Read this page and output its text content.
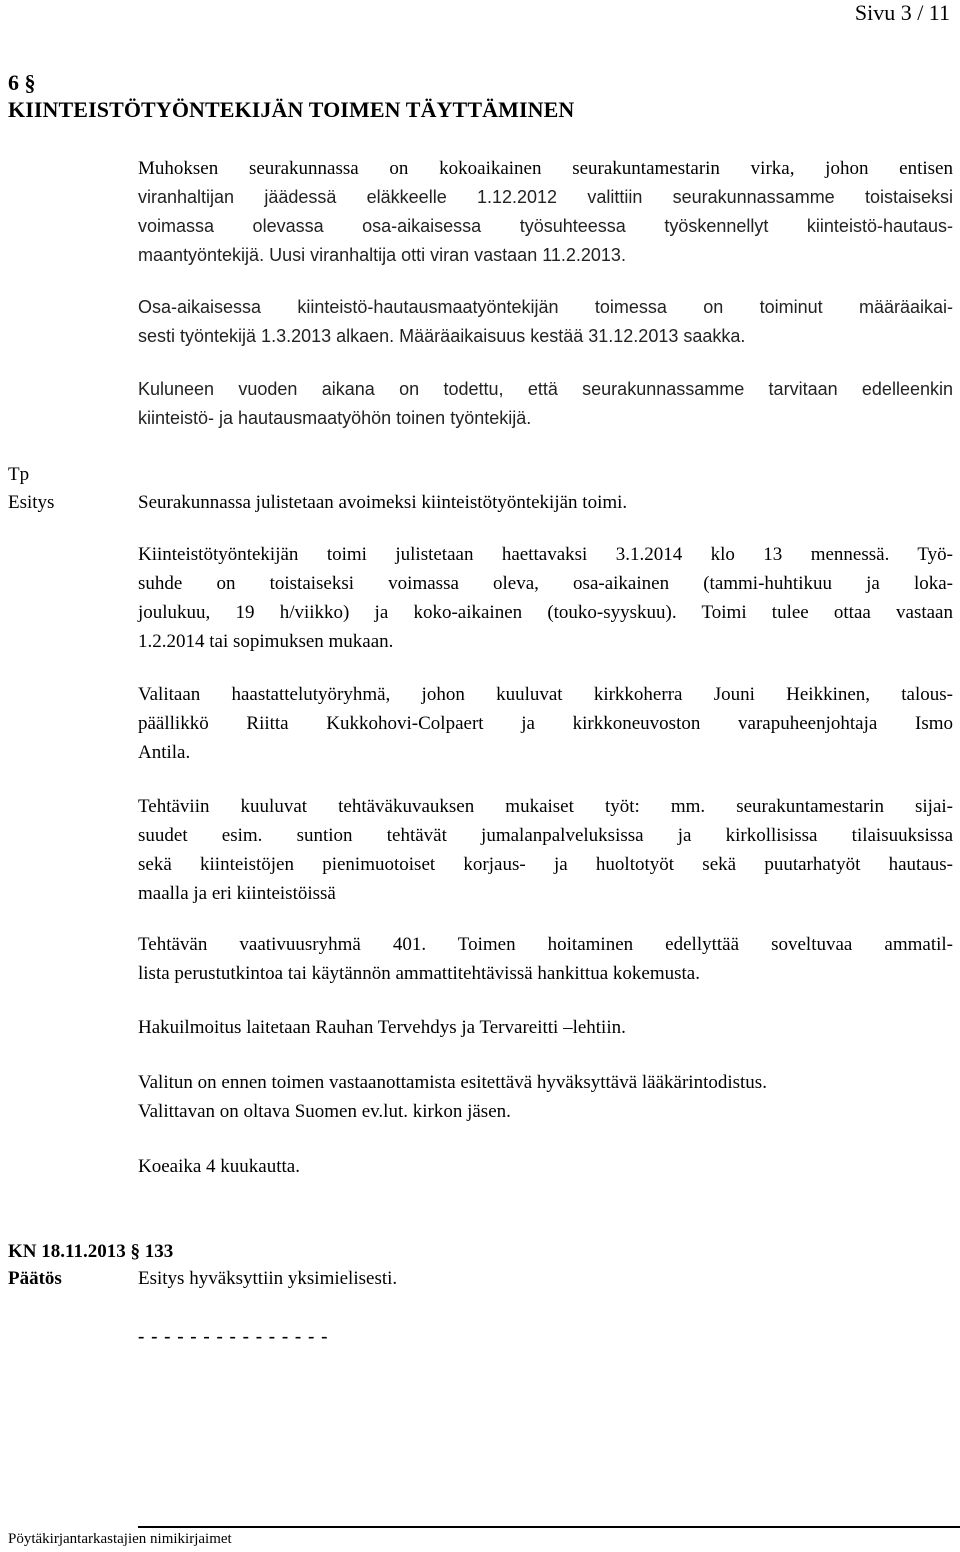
Sivu 3 / 11
6 §
KIINTEISTÖTYÖNTEKIJÄN TOIMEN TÄYTTÄMINEN
Muhoksen seurakunnassa on kokoaikainen seurakuntamestarin virka, johon entisen
viranhaltijan jäädessä eläkkeelle 1.12.2012 valittiin seurakunnassamme toistaiseksi
voimassa olevassa osa-aikaisessa työsuhteessa työskennellyt kiinteistö-hautaus-
maantyöntekijä. Uusi viranhaltija otti viran vastaan 11.2.2013.
Osa-aikaisessa kiinteistö-hautausmaatyöntekijän toimessa on toiminut määräaikai-
sesti työntekijä 1.3.2013 alkaen. Määräaikaisuus kestää 31.12.2013 saakka.
Kuluneen vuoden aikana on todettu, että seurakunnassamme tarvitaan edelleenkin
kiinteistö- ja hautausmaatyöhön toinen työntekijä.
Tp
Esitys	Seurakunnassa julistetaan avoimeksi kiinteistötyöntekijän toimi.
Kiinteistötyöntekijän toimi julistetaan haettavaksi 3.1.2014 klo 13 mennessä. Työ-
suhde on toistaiseksi voimassa oleva, osa-aikainen (tammi-huhtikuu ja loka-
joulukuu, 19 h/viikko) ja koko-aikainen (touko-syyskuu). Toimi tulee ottaa vastaan
1.2.2014 tai sopimuksen mukaan.
Valitaan haastattelutyöryhmä, johon kuuluvat kirkkoherra Jouni Heikkinen, talous-
päällikkö Riitta Kukkohovi-Colpaert ja kirkkoneuvoston varapuheenjohtaja Ismo
Antila.
Tehtäviin kuuluvat tehtäväkuvauksen mukaiset työt: mm. seurakuntamestarin sijai-
suudet esim. suntion tehtävät jumalanpalveluksissa ja kirkollisissa tilaisuuksissa
sekä kiinteistöjen pienimuotoiset korjaus- ja huoltotyöt sekä puutarhatyöt hautaus-
maalla ja eri kiinteistöissä
Tehtävän vaativuusryhmä 401. Toimen hoitaminen edellyttää soveltuvaa ammatil-
lista perustutkintoa tai käytännön ammattitehtävissä hankittua kokemusta.
Hakuilmoitus laitetaan Rauhan Tervehdys ja Tervareitti –lehtiin.
Valitun on ennen toimen vastaanottamista esitettävä hyväksyttävä lääkärintodistus.
Valittavan on oltava Suomen ev.lut. kirkon jäsen.
Koeaika 4 kuukautta.
KN 18.11.2013 § 133
Päätös	Esitys hyväksyttiin yksimielisesti.
- - - - - - - - - - - - - - -
Pöytäkirjantarkastajien nimikirjaimet
